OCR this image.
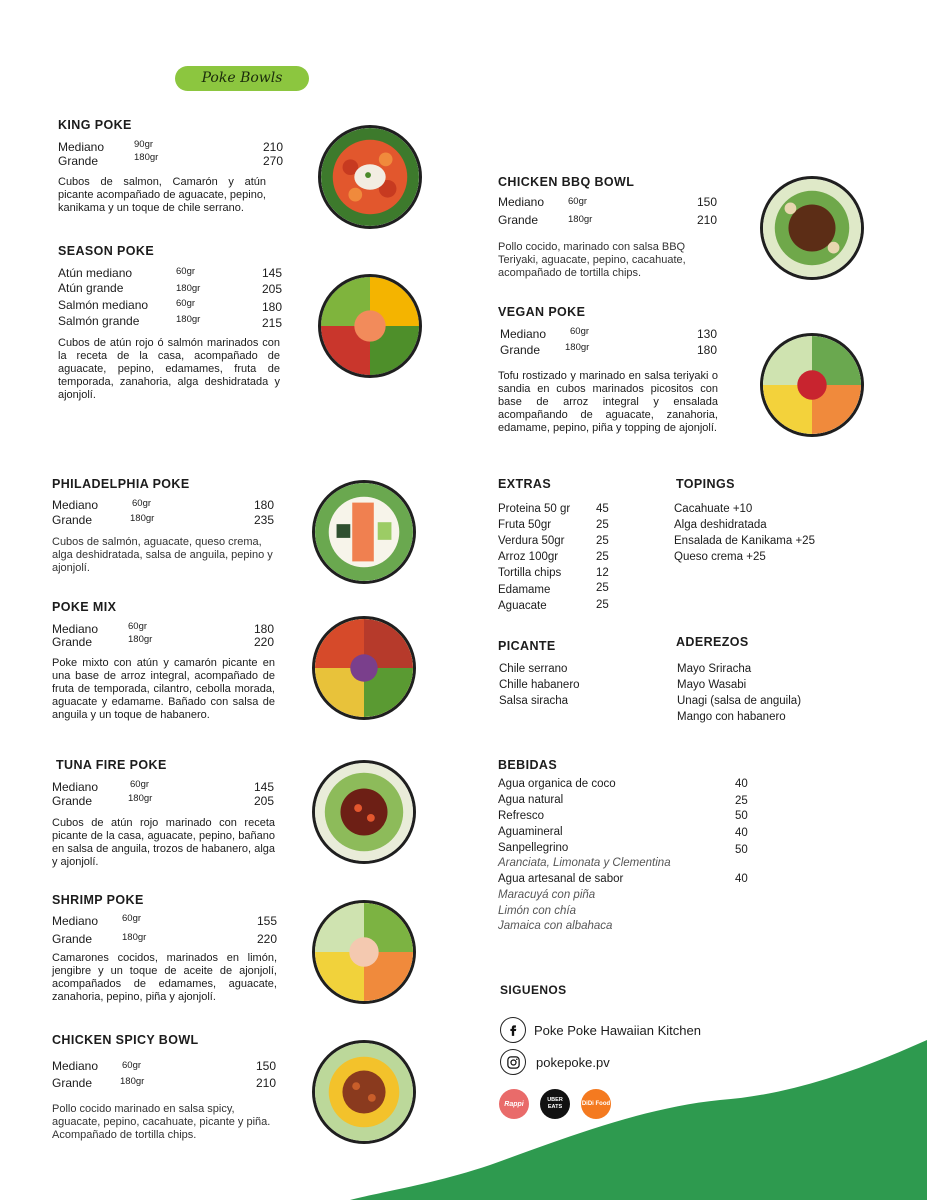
Poke Bowls
KING POKE
Mediano	90gr	210
Grande	180gr	270
Cubos de salmon, Camarón y atún picante acompañado de aguacate, pepino, kanikama y un toque de chile serrano.
SEASON POKE
Atún mediano	60gr	145
Atún grande	180gr	205
Salmón mediano	60gr	180
Salmón grande	180gr	215
Cubos de atún rojo ó salmón marinados con la receta de la casa, acompañado de aguacate, pepino, edamames, fruta de temporada, zanahoria, alga deshidratada y ajonjolí.
PHILADELPHIA POKE
Mediano	60gr	180
Grande	180gr	235
Cubos de salmón, aguacate, queso crema, alga deshidratada, salsa de anguila, pepino y ajonjolí.
POKE MIX
Mediano	60gr	180
Grande	180gr	220
Poke mixto con atún y camarón picante en una base de arroz integral, acompañado de fruta de temporada, cilantro, cebolla morada, aguacate y edamame. Bañado con salsa de anguila y un toque de habanero.
TUNA FIRE POKE
Mediano	60gr	145
Grande	180gr	205
Cubos de atún rojo marinado con receta picante de la casa, aguacate, pepino, bañano en salsa de anguila, trozos de habanero, alga y ajonjolí.
SHRIMP POKE
Mediano	60gr	155
Grande	180gr	220
Camarones cocidos, marinados en limón, jengibre y un toque de aceite de ajonjolí, acompañados de edamames, aguacate, zanahoria, pepino, piña y ajonjolí.
CHICKEN SPICY BOWL
Mediano	60gr	150
Grande	180gr	210
Pollo cocido marinado en salsa spicy, aguacate, pepino, cacahuate, picante y piña. Acompañado de tortilla chips.
CHICKEN BBQ BOWL
Mediano	60gr	150
Grande	180gr	210
Pollo cocido, marinado con salsa BBQ Teriyaki, aguacate, pepino, cacahuate, acompañado de tortilla chips.
VEGAN POKE
Mediano	60gr	130
Grande	180gr	180
Tofu rostizado y marinado en salsa teriyaki o sandia en cubos marinados picositos con base de arroz integral y ensalada acompañando de aguacate, zanahoria, edamame, pepino, piña y topping de ajonjolí.
EXTRAS
Proteina 50 gr 45
Fruta 50gr	25
Verdura 50gr	25
Arroz 100gr	25
Tortilla chips	12
Edamame	25
Aguacate	25
TOPINGS
Cacahuate +10
Alga deshidratada
Ensalada de Kanikama +25
Queso crema +25
PICANTE
Chile serrano
Chille habanero
Salsa siracha
ADEREZOS
Mayo Sriracha
Mayo Wasabi
Unagi (salsa de anguila)
Mango con habanero
BEBIDAS
Agua organica de coco	40
Agua natural	25
Refresco	50
Aguamineral	40
Sanpellegrino	50
Aranciata, Limonata y Clementina
Agua artesanal de sabor	40
Maracuyá con piña
Limón con chía
Jamaica con albahaca
SIGUENOS
Poke Poke Hawaiian Kitchen
pokepoke.pv
Rappi
UBER EATS
DiDi Food
